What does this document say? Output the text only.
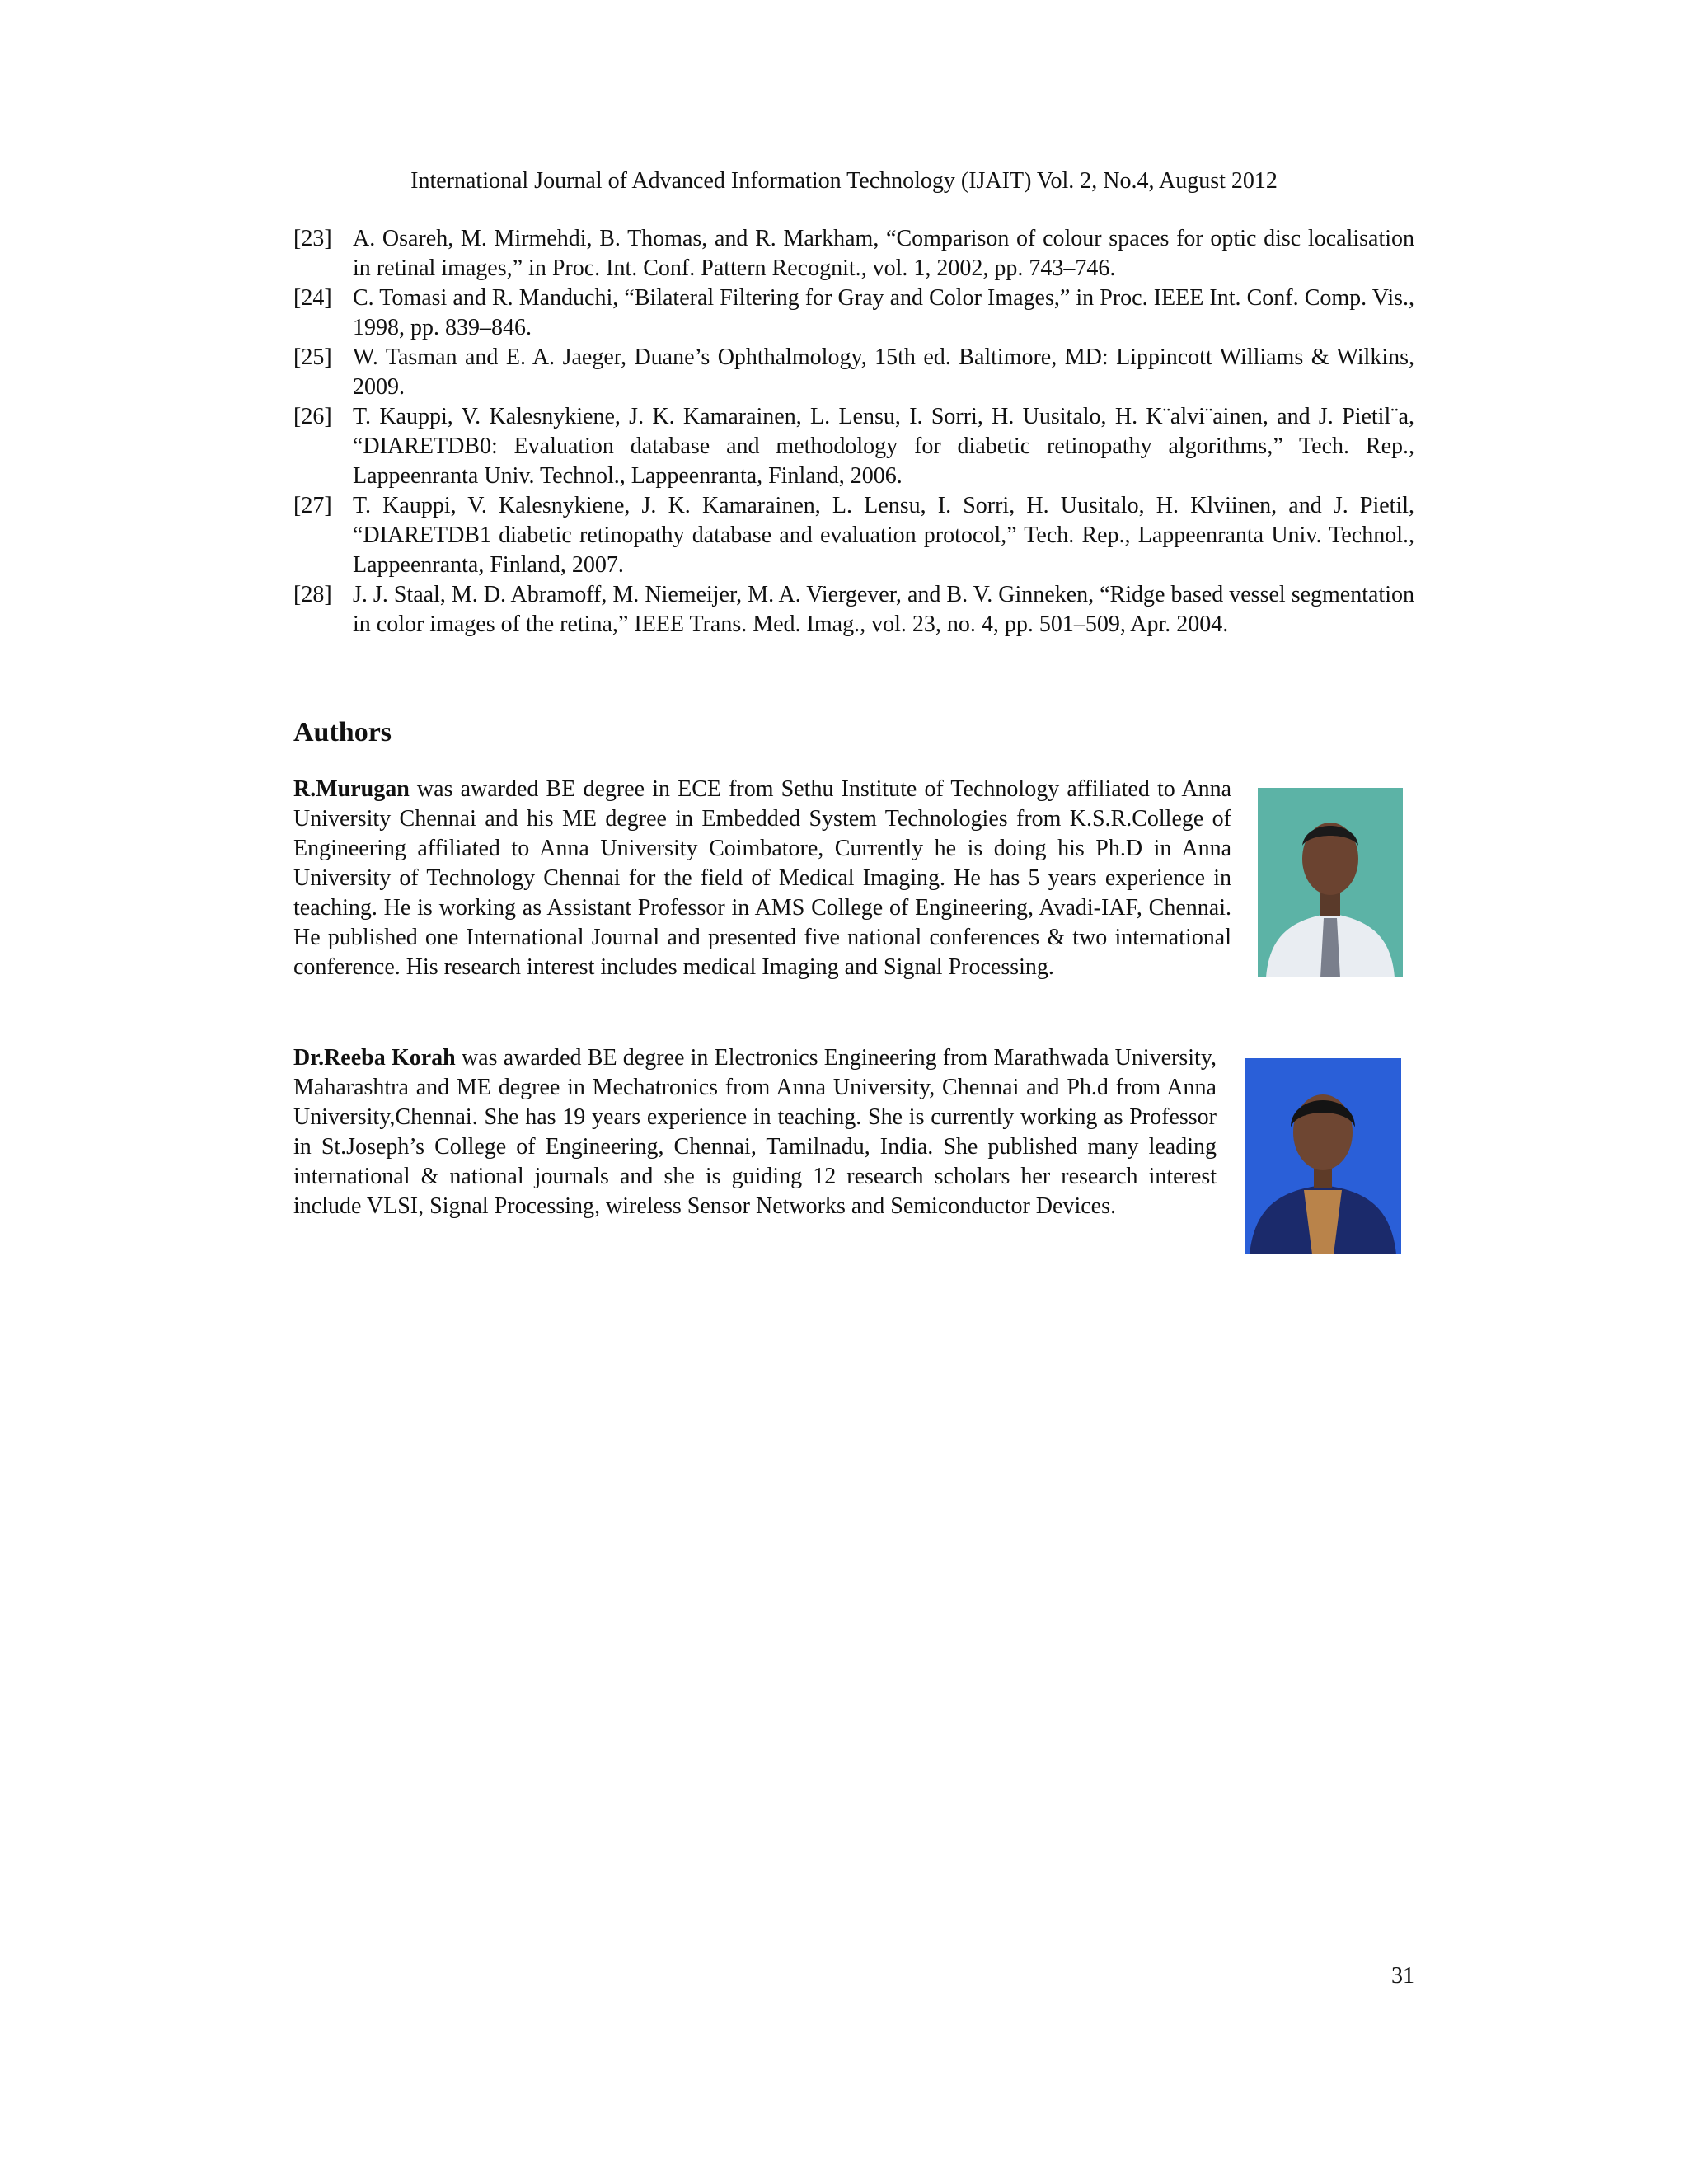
International Journal of Advanced Information Technology (IJAIT) Vol. 2, No.4, August 2012
[23] A. Osareh, M. Mirmehdi, B. Thomas, and R. Markham, “Comparison of colour spaces for optic disc localisation in retinal images,” in Proc. Int. Conf. Pattern Recognit., vol. 1, 2002, pp. 743–746.
[24] C. Tomasi and R. Manduchi, “Bilateral Filtering for Gray and Color Images,” in Proc. IEEE Int. Conf. Comp. Vis., 1998, pp. 839–846.
[25] W. Tasman and E. A. Jaeger, Duane’s Ophthalmology, 15th ed. Baltimore, MD: Lippincott Williams & Wilkins, 2009.
[26] T. Kauppi, V. Kalesnykiene, J. K. Kamarainen, L. Lensu, I. Sorri, H. Uusitalo, H. K¨alvi¨ainen, and J. Pietil¨a, “DIARETDB0: Evaluation database and methodology for diabetic retinopathy algorithms,” Tech. Rep., Lappeenranta Univ. Technol., Lappeenranta, Finland, 2006.
[27] T. Kauppi, V. Kalesnykiene, J. K. Kamarainen, L. Lensu, I. Sorri, H. Uusitalo, H. Klviinen, and J. Pietil, “DIARETDB1 diabetic retinopathy database and evaluation protocol,” Tech. Rep., Lappeenranta Univ. Technol., Lappeenranta, Finland, 2007.
[28] J. J. Staal, M. D. Abramoff, M. Niemeijer, M. A. Viergever, and B. V. Ginneken, “Ridge based vessel segmentation in color images of the retina,” IEEE Trans. Med. Imag., vol. 23, no. 4, pp. 501–509, Apr. 2004.
Authors

R.Murugan was awarded BE degree in ECE from Sethu Institute of Technology affiliated to Anna University Chennai and his ME degree in Embedded System Technologies from K.S.R.College of Engineering affiliated to Anna University Coimbatore, Currently he is doing his Ph.D in Anna University of Technology Chennai for the field of Medical Imaging. He has 5 years experience in teaching. He is working as Assistant Professor in AMS College of Engineering, Avadi-IAF, Chennai. He published one International Journal and presented five national conferences & two international conference. His research interest includes medical Imaging and Signal Processing.

Dr.Reeba Korah was awarded BE degree in Electronics Engineering from Marathwada University, Maharashtra and ME degree in Mechatronics from Anna University, Chennai and Ph.d from Anna University,Chennai. She has 19 years experience in teaching. She is currently working as Professor in St.Joseph’s College of Engineering, Chennai, Tamilnadu, India. She published many leading international & national journals and she is guiding 12 research scholars her research interest include VLSI, Signal Processing, wireless Sensor Networks and Semiconductor Devices.

31
